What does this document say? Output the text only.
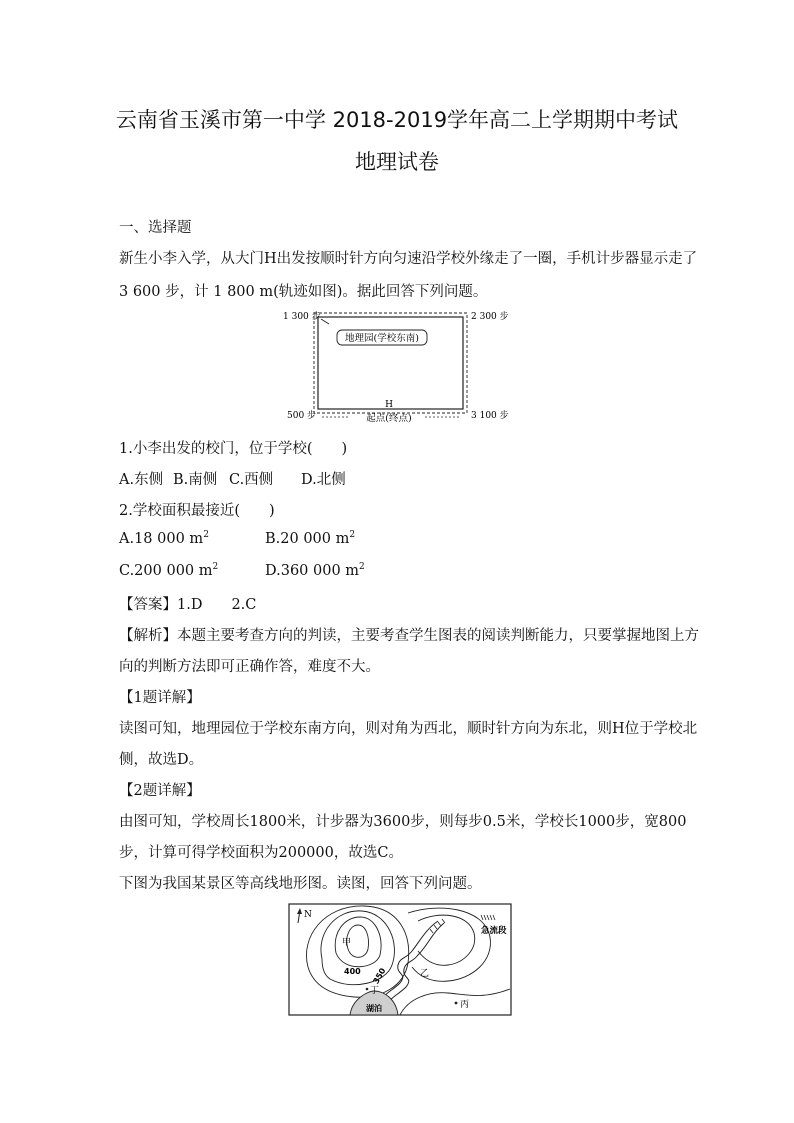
云南省玉溪市第一中学 2018-2019学年高二上学期期中考试
地理试卷
一、选择题
新生小李入学，从大门H出发按顺时针方向匀速沿学校外缘走了一圈，手机计步器显示走了
3 600 步，计 1 800 m(轨迹如图)。据此回答下列问题。
地理园(学校东南)
H
1 300 步	2 300 步
500 步	3 100 步
起点(终点)
1.小李出发的校门，位于学校(　　)
A.东侧 B.南侧 C.西侧 D.北侧
2.学校面积最接近(　　)
A.18 000 $m^2$	B.20 000 $m^2$
C.200 000 $m^2$	D.360 000 $m^2$
【答案】1.D　　2.C
【解析】本题主要考查方向的判读，主要考查学生图表的阅读判断能力，只要掌握地图上方
向的判断方法即可正确作答，难度不大。
【1题详解】
读图可知，地理园位于学校东南方向，则对角为西北，顺时针方向为东北，则H位于学校北
侧，故选D。
【2题详解】
由图可知，学校周长1800米，计步器为3600步，则每步0.5米，学校长1000步，宽800
步，计算可得学校面积为200000，故选C。
下图为我国某景区等高线地形图。读图，回答下列问题。
N
甲
400 350
急流段
乙
湖泊
丁
丙
